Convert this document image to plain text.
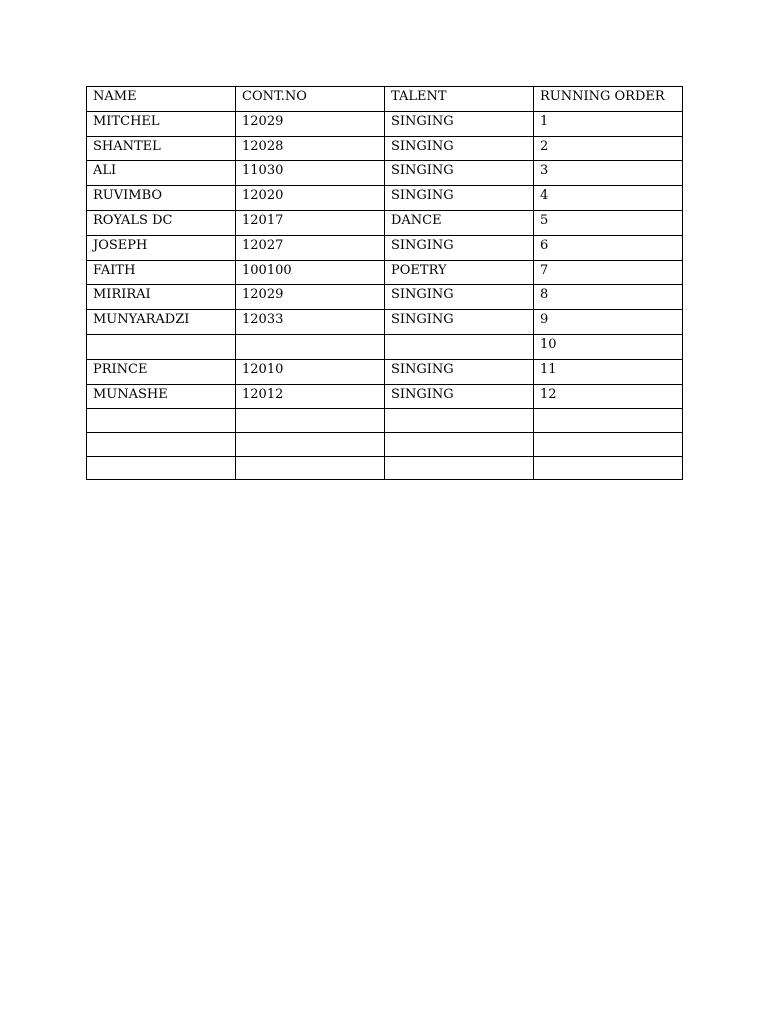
NAME	CONT.NO	TALENT	RUNNING ORDER
MITCHEL	12029	SINGING	1
SHANTEL	12028	SINGING	2
ALI	11030	SINGING	3
RUVIMBO	12020	SINGING	4
ROYALS DC	12017	DANCE	5
JOSEPH	12027	SINGING	6
FAITH	100100	POETRY	7
MIRIRAI	12029	SINGING	8
MUNYARADZI	12033	SINGING	9
			10
PRINCE	12010	SINGING	11
MUNASHE	12012	SINGING	12
